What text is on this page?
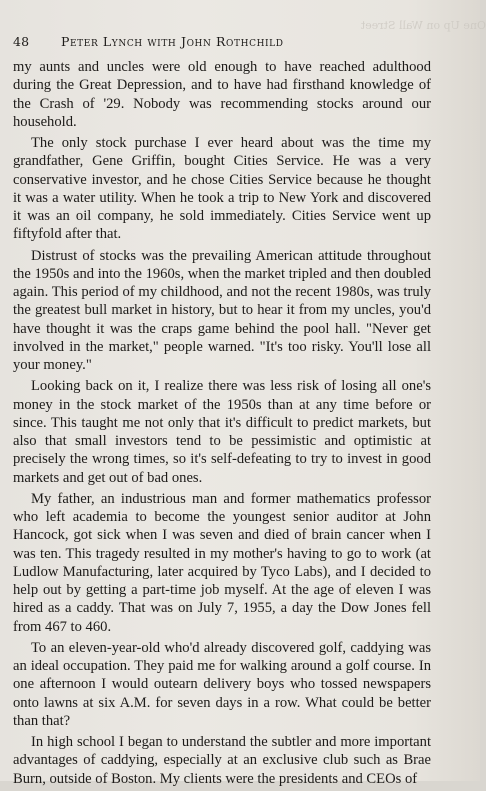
One Up on Wall Street
48	Peter Lynch with John Rothchild

my aunts and uncles were old enough to have reached adulthood during the Great Depression, and to have had firsthand knowledge of the Crash of '29. Nobody was recommending stocks around our household.

The only stock purchase I ever heard about was the time my grandfather, Gene Griffin, bought Cities Service. He was a very conservative investor, and he chose Cities Service because he thought it was a water utility. When he took a trip to New York and discovered it was an oil company, he sold immediately. Cities Service went up fiftyfold after that.

Distrust of stocks was the prevailing American attitude throughout the 1950s and into the 1960s, when the market tripled and then doubled again. This period of my childhood, and not the recent 1980s, was truly the greatest bull market in history, but to hear it from my uncles, you'd have thought it was the craps game behind the pool hall. "Never get involved in the market," people warned. "It's too risky. You'll lose all your money."

Looking back on it, I realize there was less risk of losing all one's money in the stock market of the 1950s than at any time before or since. This taught me not only that it's difficult to predict markets, but also that small investors tend to be pessimistic and optimistic at precisely the wrong times, so it's self-defeating to try to invest in good markets and get out of bad ones.

My father, an industrious man and former mathematics professor who left academia to become the youngest senior auditor at John Hancock, got sick when I was seven and died of brain cancer when I was ten. This tragedy resulted in my mother's having to go to work (at Ludlow Manufacturing, later acquired by Tyco Labs), and I decided to help out by getting a part-time job myself. At the age of eleven I was hired as a caddy. That was on July 7, 1955, a day the Dow Jones fell from 467 to 460.

To an eleven-year-old who'd already discovered golf, caddying was an ideal occupation. They paid me for walking around a golf course. In one afternoon I would outearn delivery boys who tossed newspapers onto lawns at six A.M. for seven days in a row. What could be better than that?

In high school I began to understand the subtler and more important advantages of caddying, especially at an exclusive club such as Brae Burn, outside of Boston. My clients were the presidents and CEOs of
